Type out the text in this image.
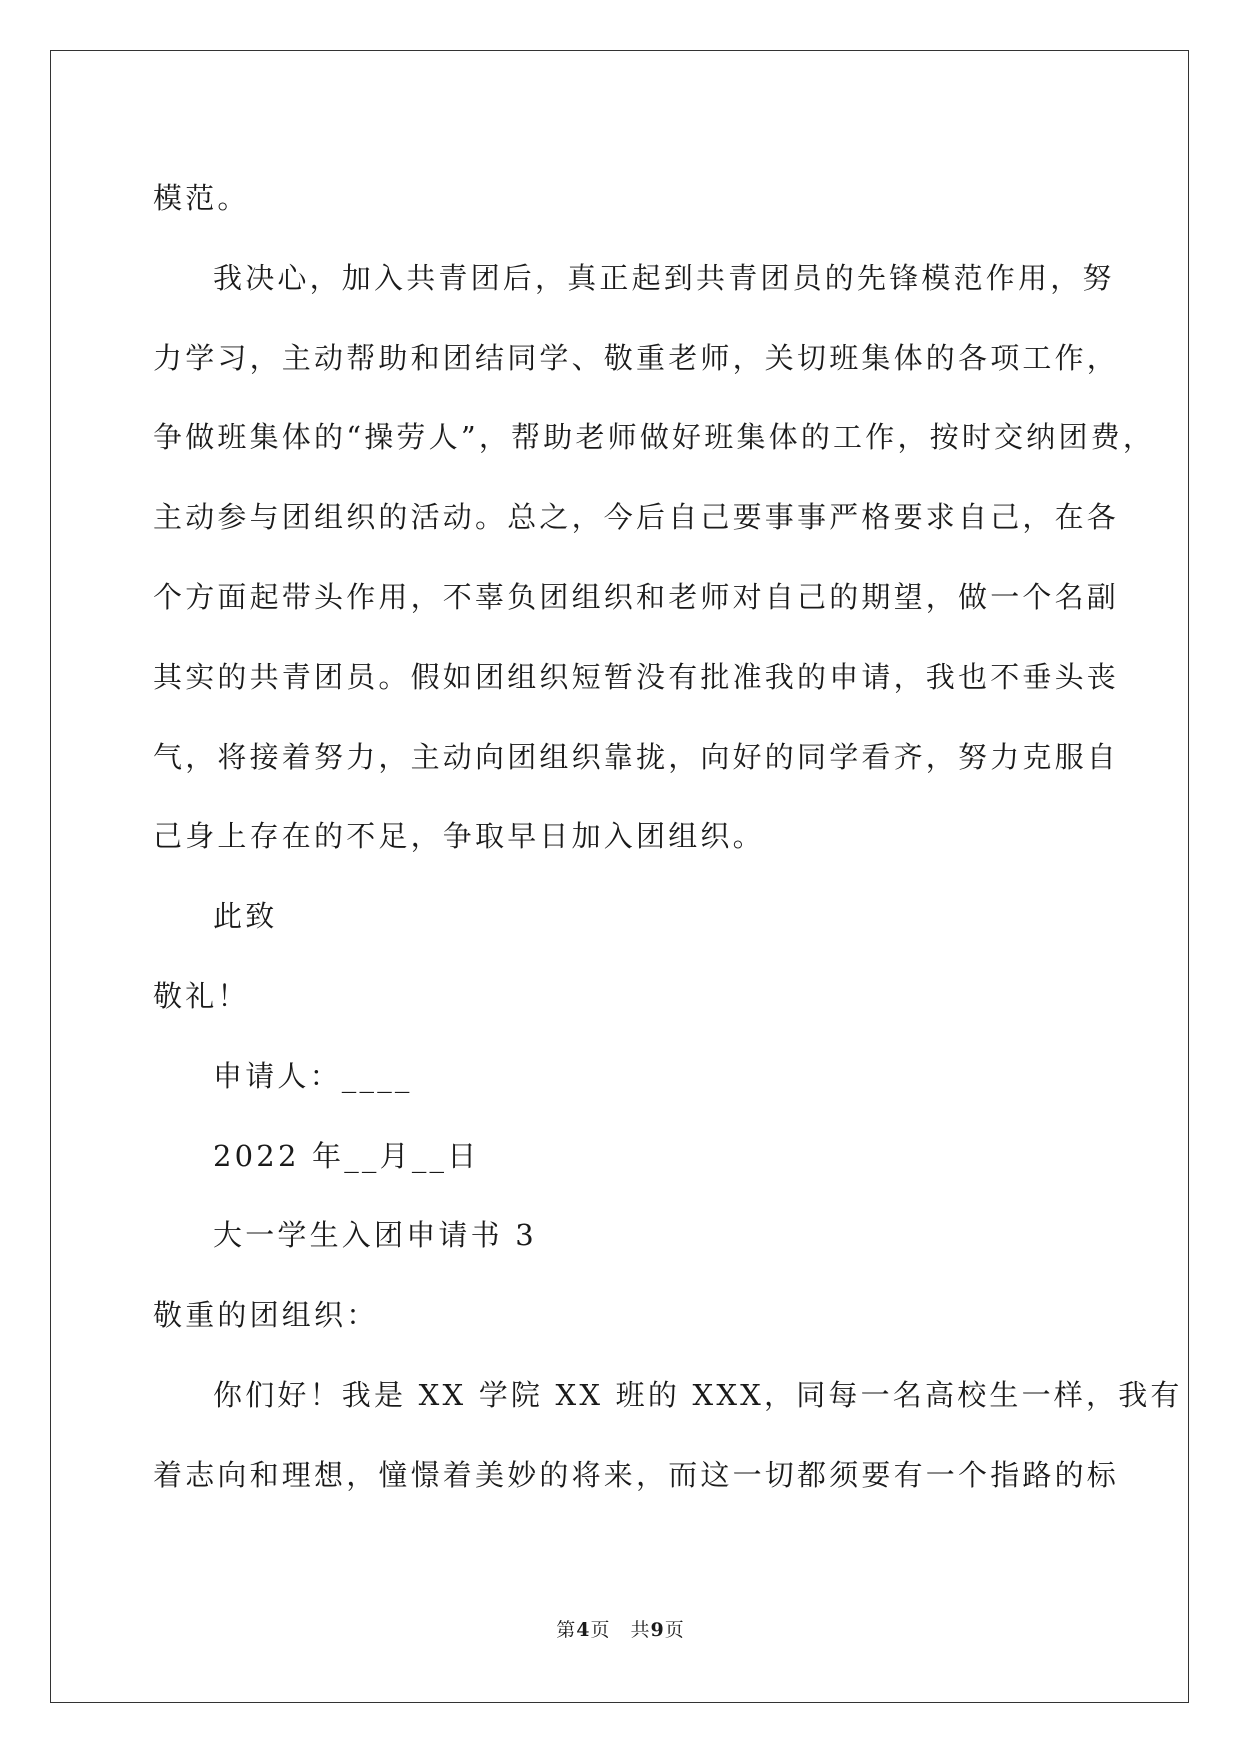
模范。
我决心，加入共青团后，真正起到共青团员的先锋模范作用，努
力学习，主动帮助和团结同学、敬重老师，关切班集体的各项工作，
争做班集体的“操劳人”，帮助老师做好班集体的工作，按时交纳团费，
主动参与团组织的活动。总之，今后自己要事事严格要求自己，在各
个方面起带头作用，不辜负团组织和老师对自己的期望，做一个名副
其实的共青团员。假如团组织短暂没有批准我的申请，我也不垂头丧
气，将接着努力，主动向团组织靠拢，向好的同学看齐，努力克服自
己身上存在的不足，争取早日加入团组织。
此致
敬礼！
申请人：____
2022 年__月__日
大一学生入团申请书 3
敬重的团组织：
你们好！我是 XX 学院 XX 班的 XXX，同每一名高校生一样，我有
着志向和理想，憧憬着美妙的将来，而这一切都须要有一个指路的标
第4页　共9页
